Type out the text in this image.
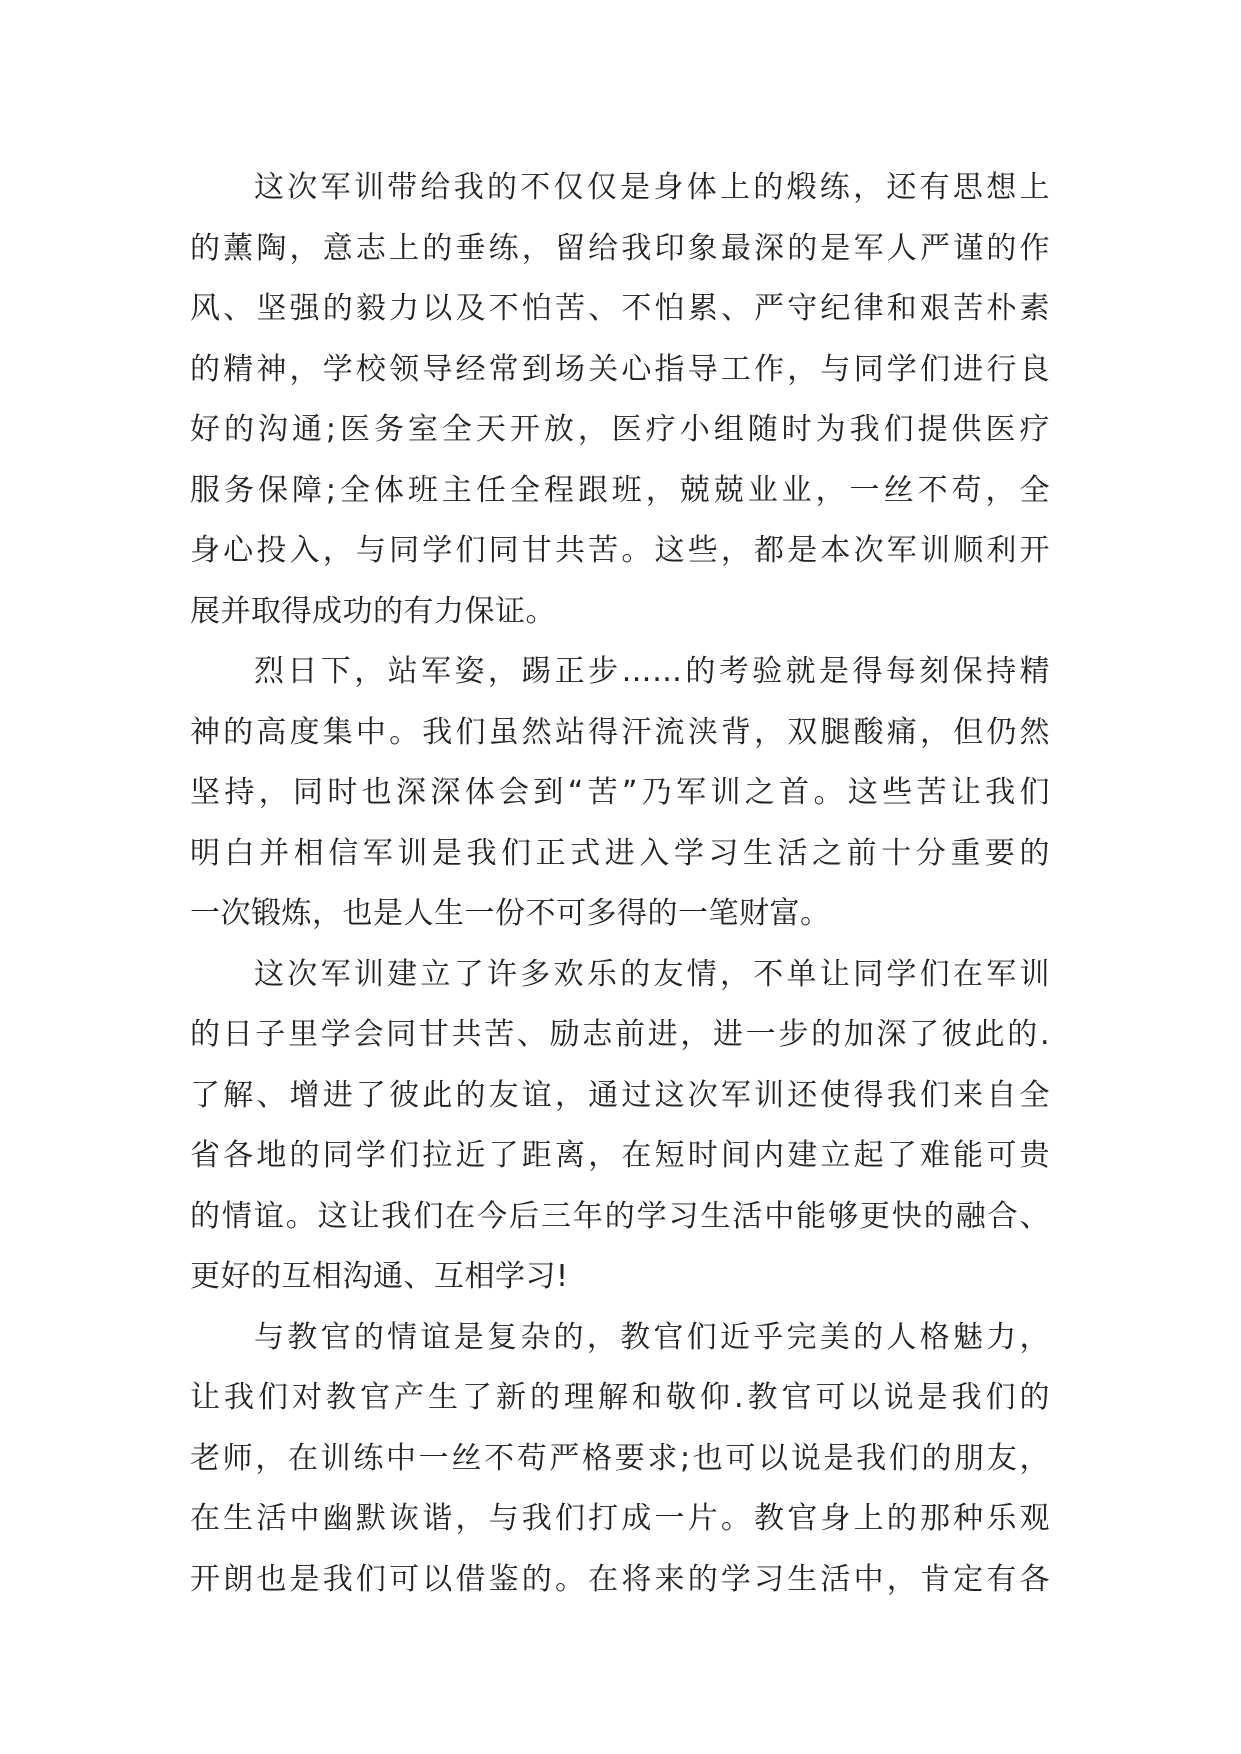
这次军训带给我的不仅仅是身体上的煅练，还有思想上
的薰陶，意志上的垂练，留给我印象最深的是军人严谨的作
风、坚强的毅力以及不怕苦、不怕累、严守纪律和艰苦朴素
的精神，学校领导经常到场关心指导工作，与同学们进行良
好的沟通;医务室全天开放，医疗小组随时为我们提供医疗
服务保障;全体班主任全程跟班，兢兢业业，一丝不苟，全
身心投入，与同学们同甘共苦。这些，都是本次军训顺利开
展并取得成功的有力保证。
烈日下，站军姿，踢正步……的考验就是得每刻保持精
神的高度集中。我们虽然站得汗流浃背，双腿酸痛，但仍然
坚持，同时也深深体会到“苦”乃军训之首。这些苦让我们
明白并相信军训是我们正式进入学习生活之前十分重要的
一次锻炼，也是人生一份不可多得的一笔财富。
这次军训建立了许多欢乐的友情，不单让同学们在军训
的日子里学会同甘共苦、励志前进，进一步的加深了彼此的.
了解、增进了彼此的友谊，通过这次军训还使得我们来自全
省各地的同学们拉近了距离，在短时间内建立起了难能可贵
的情谊。这让我们在今后三年的学习生活中能够更快的融合、
更好的互相沟通、互相学习!
与教官的情谊是复杂的，教官们近乎完美的人格魅力，
让我们对教官产生了新的理解和敬仰.教官可以说是我们的
老师，在训练中一丝不苟严格要求;也可以说是我们的朋友，
在生活中幽默诙谐，与我们打成一片。教官身上的那种乐观
开朗也是我们可以借鉴的。在将来的学习生活中，肯定有各
